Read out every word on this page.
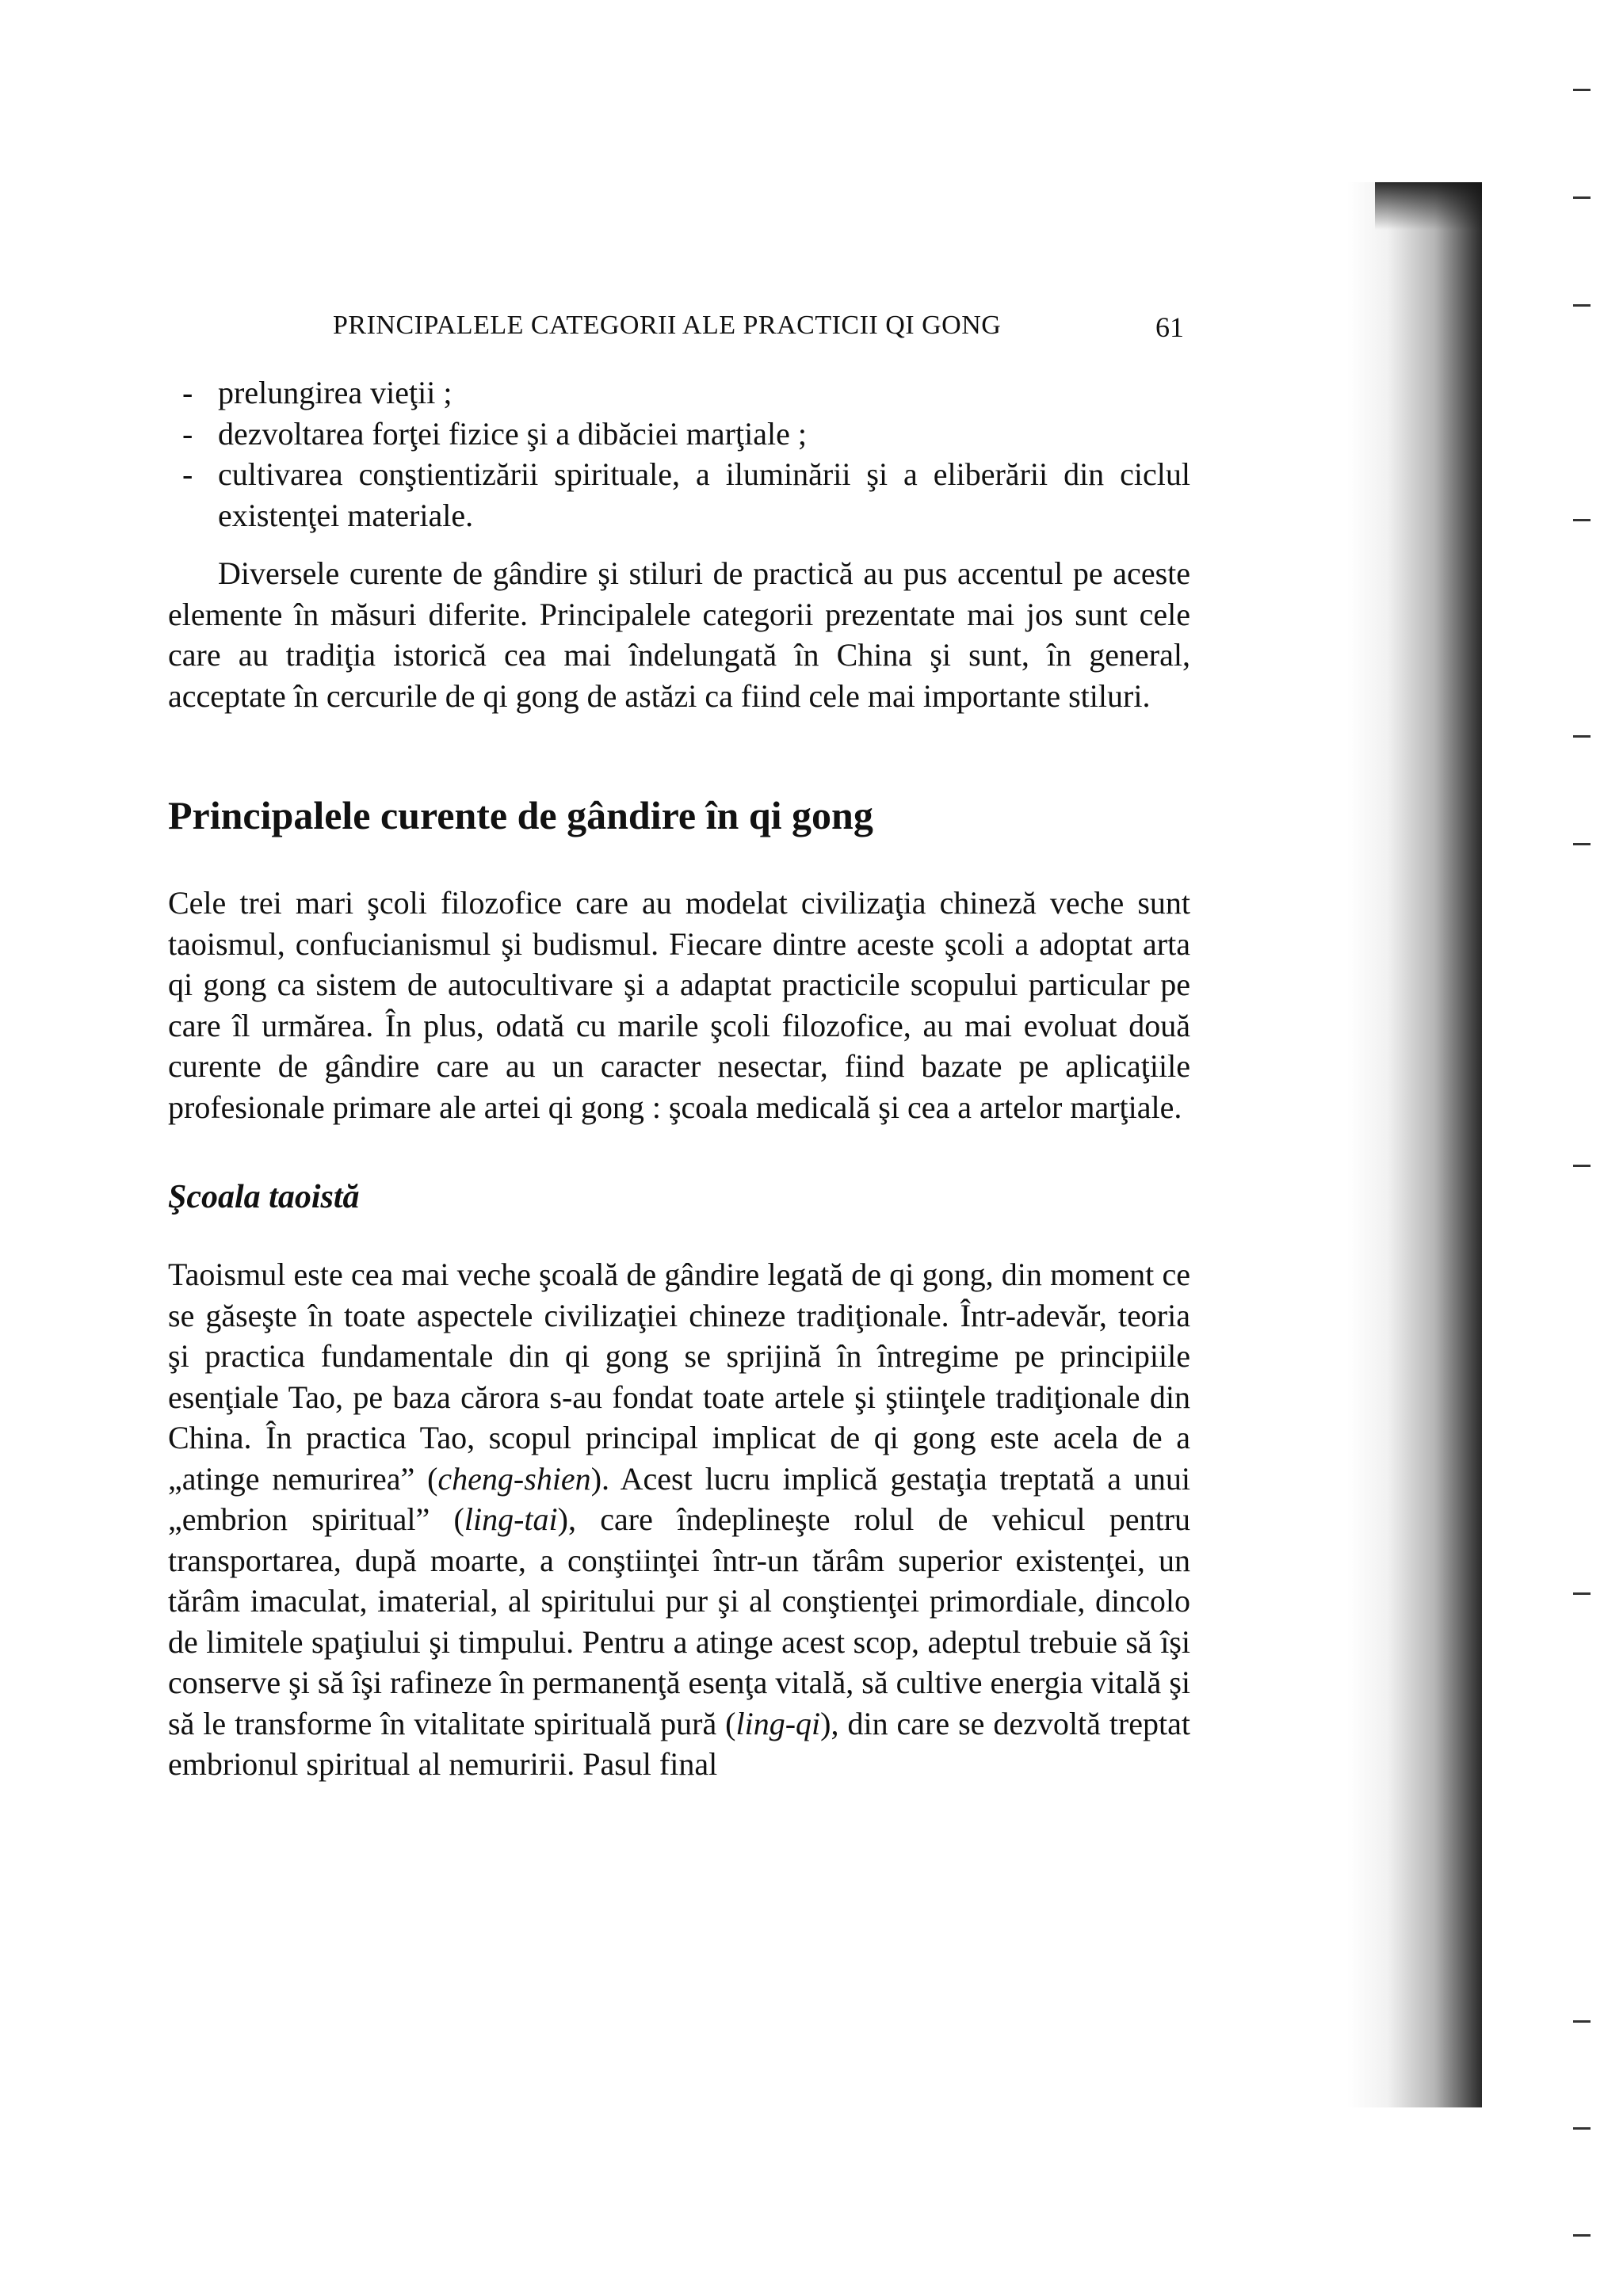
PRINCIPALELE CATEGORII ALE PRACTICII QI GONG	61
- prelungirea vieţii ;
- dezvoltarea forţei fizice şi a dibăciei marţiale ;
- cultivarea conştientizării spirituale, a iluminării şi a eliberării din ciclul existenţei materiale.

Diversele curente de gândire şi stiluri de practică au pus accentul pe aceste elemente în măsuri diferite. Principalele categorii prezentate mai jos sunt cele care au tradiţia istorică cea mai îndelungată în China şi sunt, în general, acceptate în cercurile de qi gong de astăzi ca fiind cele mai importante stiluri.

Principalele curente de gândire în qi gong

Cele trei mari şcoli filozofice care au modelat civilizaţia chineză veche sunt taoismul, confucianismul şi budismul. Fiecare dintre aceste şcoli a adoptat arta qi gong ca sistem de autocultivare şi a adaptat practicile scopului particular pe care îl urmărea. În plus, odată cu marile şcoli filozofice, au mai evoluat două curente de gândire care au un caracter nesectar, fiind bazate pe aplicaţiile profesionale primare ale artei qi gong : şcoala medicală şi cea a artelor marţiale.

Şcoala taoistă

Taoismul este cea mai veche şcoală de gândire legată de qi gong, din moment ce se găseşte în toate aspectele civilizaţiei chineze tradiţionale. Într-adevăr, teoria şi practica fundamentale din qi gong se sprijină în întregime pe principiile esenţiale Tao, pe baza cărora s-au fondat toate artele şi ştiinţele tradiţionale din China. În practica Tao, scopul principal implicat de qi gong este acela de a „atinge nemurirea” (cheng-shien). Acest lucru implică gestaţia treptată a unui „embrion spiritual” (ling-tai), care îndeplineşte rolul de vehicul pentru transportarea, după moarte, a conştiinţei într-un tărâm superior existenţei, un tărâm imaculat, imaterial, al spiritului pur şi al conştienţei primordiale, dincolo de limitele spaţiului şi timpului. Pentru a atinge acest scop, adeptul trebuie să îşi conserve şi să îşi rafineze în permanenţă esenţa vitală, să cultive energia vitală şi să le transforme în vitalitate spirituală pură (ling-qi), din care se dezvoltă treptat embrionul spiritual al nemuririi. Pasul final
